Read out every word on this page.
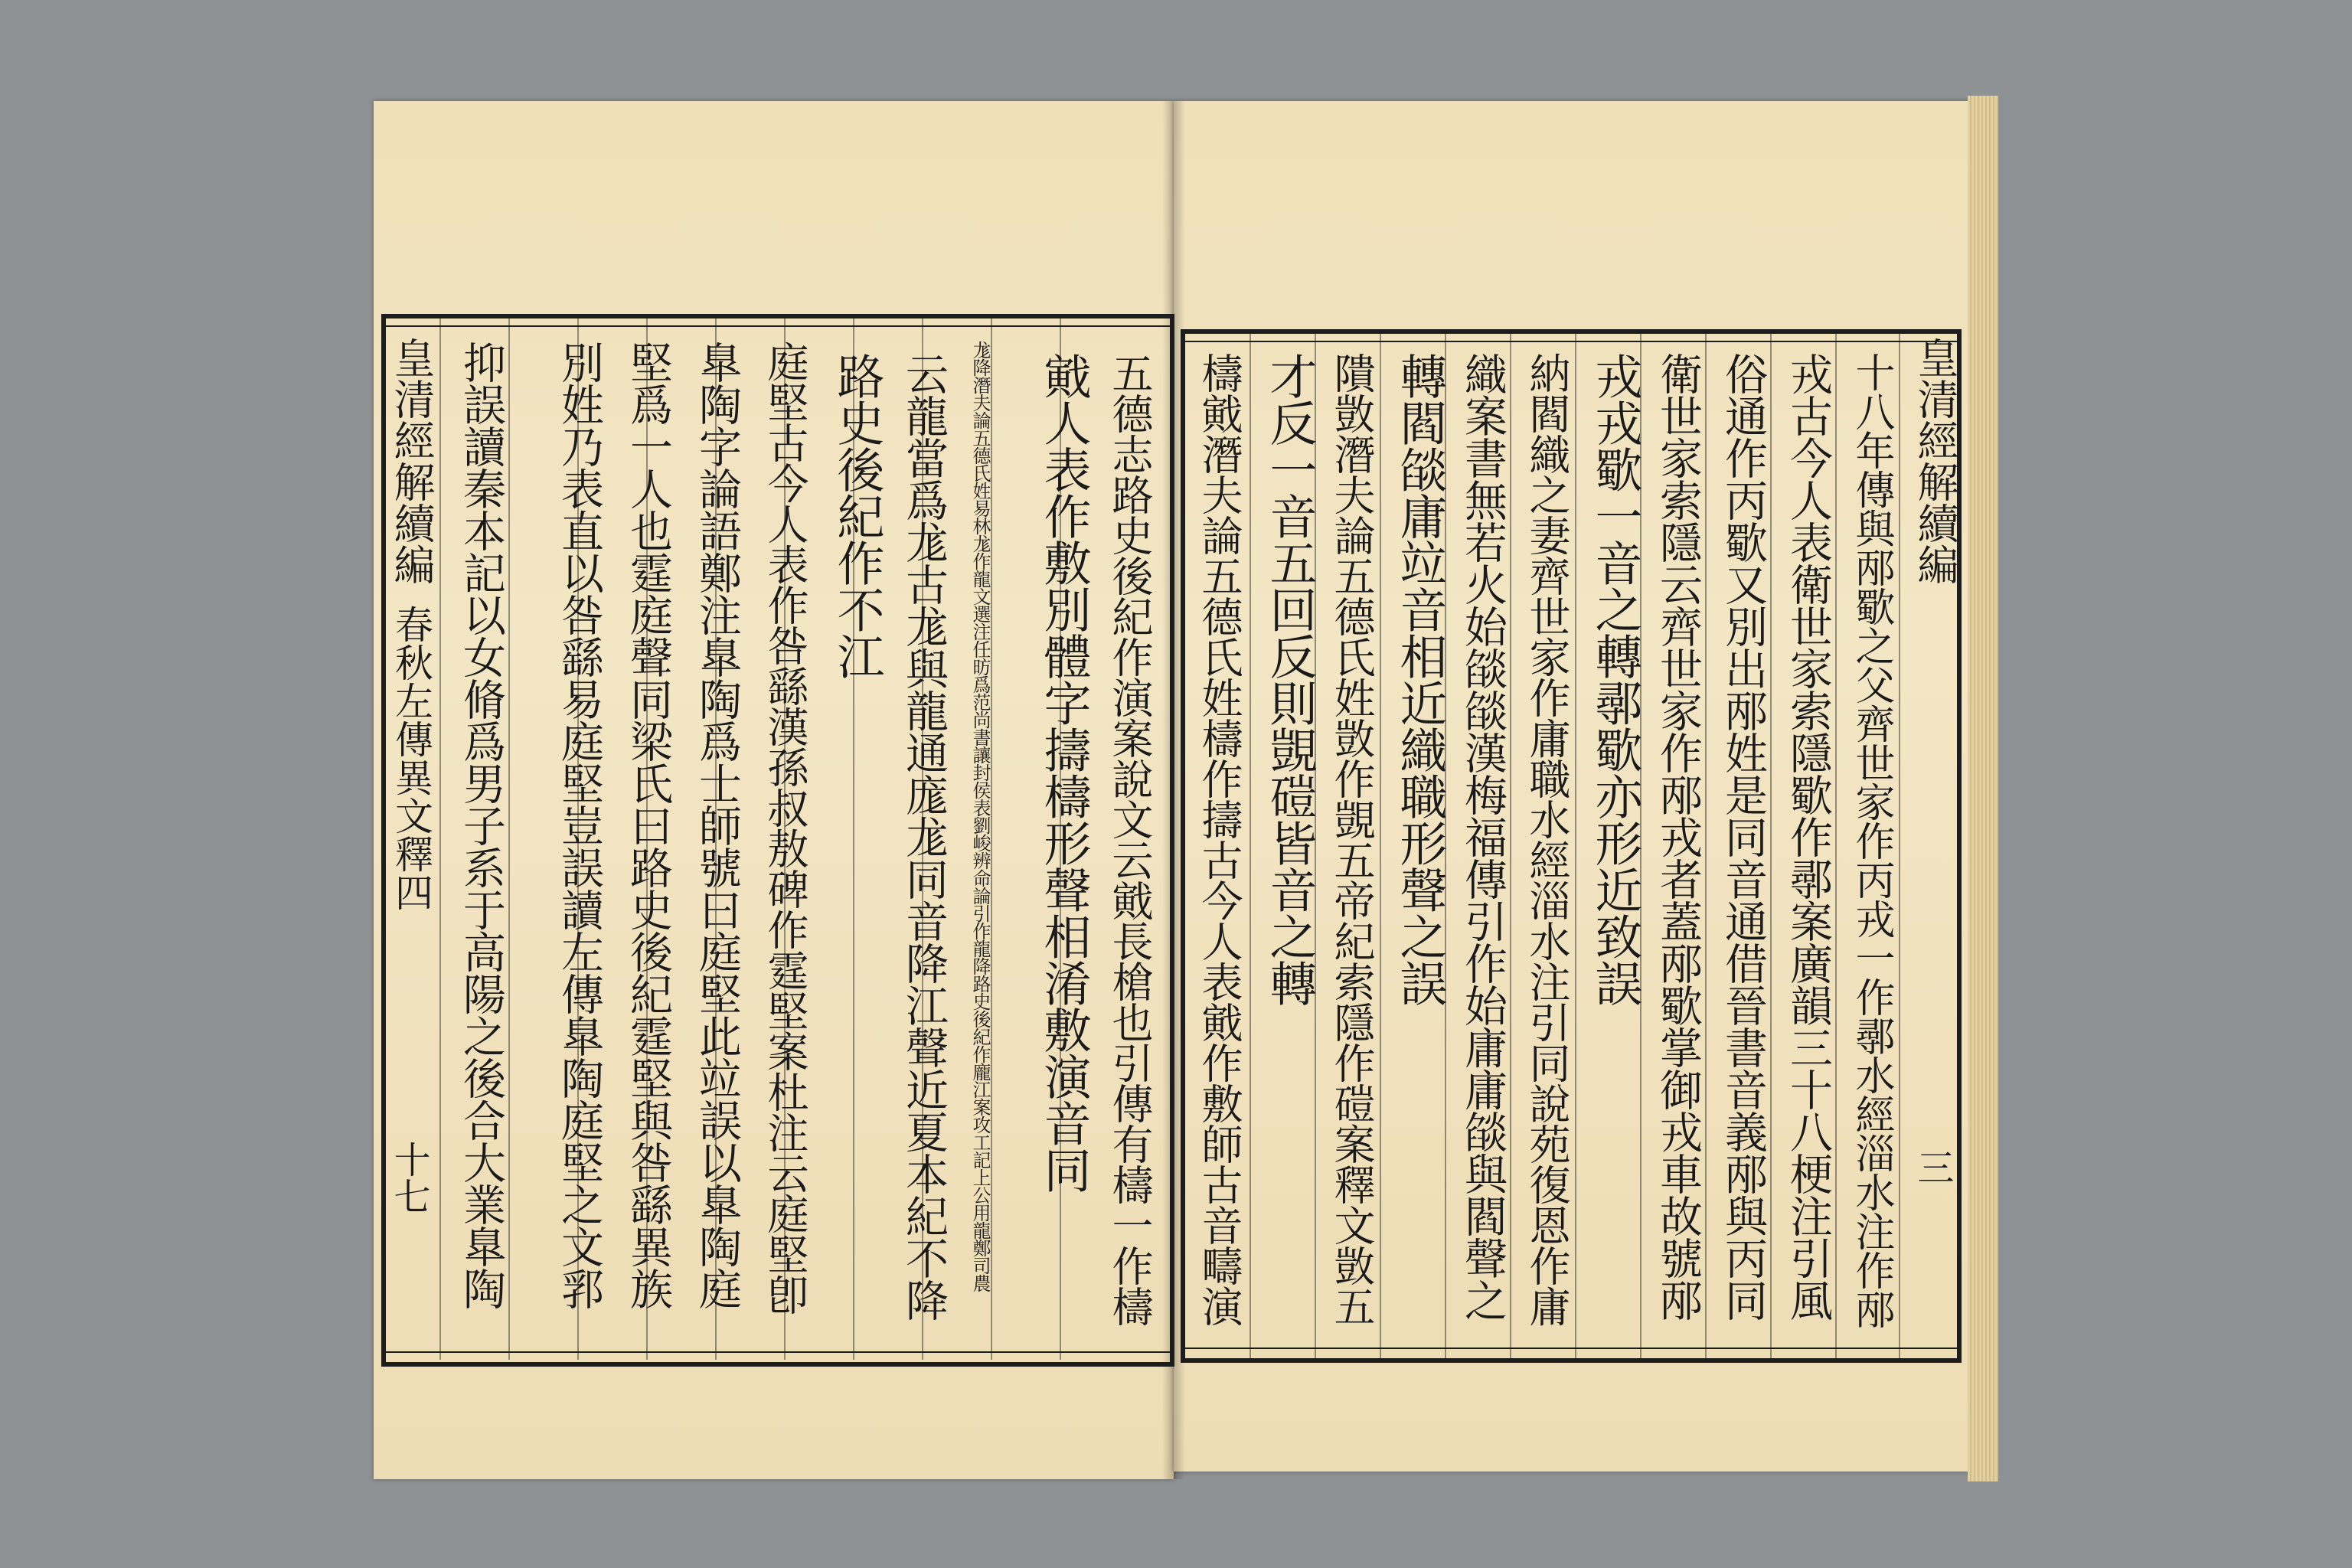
皇清經解續編
春秋左傳異文釋四
十七	五德志路史後紀作演案說文云戭長槍也引傳有檮一作檮
戭人表作敷別體字擣檮形聲相淆敷演音同
尨降潛夫論五德氏姓易林尨作龍文選注任昉爲范尚書讓封侯表劉峻辨命論引作龍降路史後紀作龐江案攻工記上公用龍鄭司農
云龍當爲尨古尨與龍通庬尨同音降江聲近夏本紀不降
路史後紀作不江
庭堅古今人表作咎繇漢孫叔敖碑作霆堅案杜注云庭堅卽
臯陶字論語鄭注臯陶爲士師號曰庭堅此竝誤以臯陶庭
堅爲一人也霆庭聲同梁氏曰路史後紀霆堅與咎繇異族
別姓乃表直以咎繇易庭堅豈誤讀左傳臯陶庭堅之文郛
抑誤讀秦本記以女脩爲男子系于高陽之後合大業臯陶	皇清經解續編
三
十八年傳與邴歜之父齊世家作丙戎一作鄩水經淄水注作邴
戎古今人表衛世家索隱歜作鄩案廣韻三十八梗注引風
俗通作丙歜又別出邴姓是同音通借晉書音義邴與丙同
衛世家索隱云齊世家作邴戎者蓋邴歜掌御戎車故號邴
戎戎歜一音之轉鄩歜亦形近致誤
納閻織之妻齊世家作庸職水經淄水注引同說苑復恩作庸
織案書無若火始燄燄漢梅福傳引作始庸庸燄與閻聲之
轉閻燄庸竝音相近織職形聲之誤
隤敳潛夫論五德氏姓敳作覬五帝紀索隱作磑案釋文敳五
才反一音五回反則覬磑皆音之轉
檮戭潛夫論五德氏姓檮作擣古今人表戭作敷師古音疇演
